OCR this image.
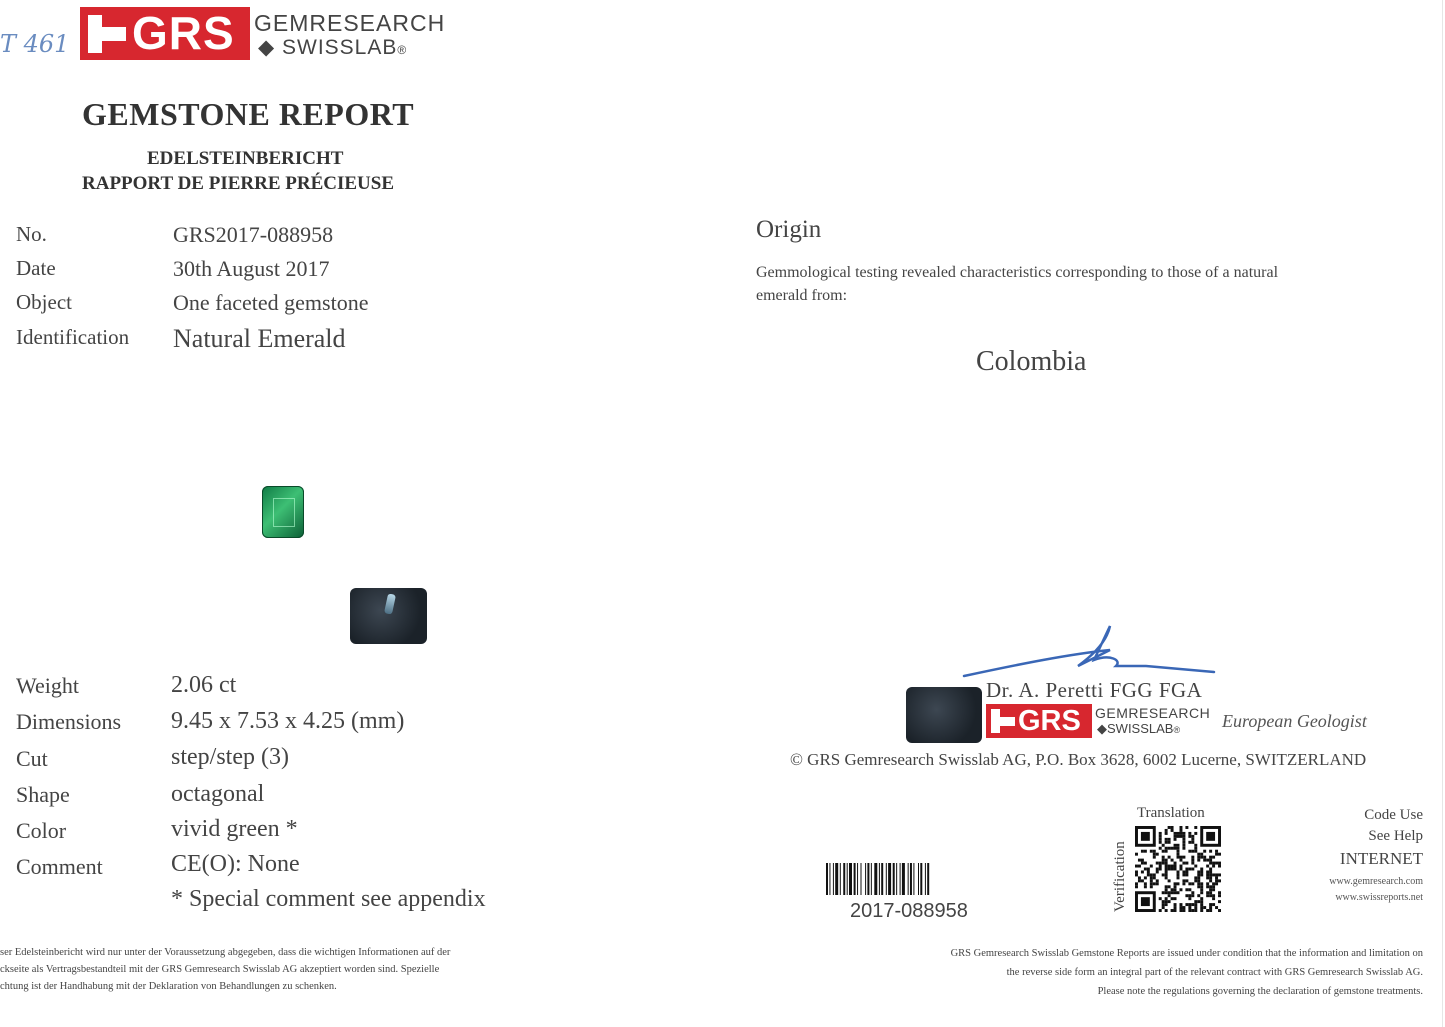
T 461 GRS GEMRESEARCH
◆ SWISSLAB®
GEMSTONE REPORT
EDELSTEINBERICHT
RAPPORT DE PIERRE PRÉCIEUSE
No.	GRS2017-088958
Date	30th August 2017
Object	One faceted gemstone
Identification Natural Emerald
Weight	2.06 ct
Dimensions 9.45 x 7.53 x 4.25 (mm)
Cut	step/step (3)
Shape	octagonal
Color	vivid green *
Comment	CE(O): None
* Special comment see appendix
ser Edelsteinbericht wird nur unter der Voraussetzung abgegeben, dass die wichtigen Informationen auf der
ckseite als Vertragsbestandteil mit der GRS Gemresearch Swisslab AG akzeptiert worden sind. Spezielle
chtung ist der Handhabung mit der Deklaration von Behandlungen zu schenken.
Origin
Gemmological testing revealed characteristics corresponding to those of a natural emerald from:
Colombia
Dr. A. Peretti FGG FGA
GRS GEMRESEARCH
◆SWISSLAB®	European Geologist
© GRS Gemresearch Swisslab AG, P.O. Box 3628, 6002 Lucerne, SWITZERLAND
2017-088958	Verification
Translation	Code Use
See Help
INTERNET
www.gemresearch.com
www.swissreports.net
GRS Gemresearch Swisslab Gemstone Reports are issued under condition that the information and limitation on
the reverse side form an integral part of the relevant contract with GRS Gemresearch Swisslab AG.
Please note the regulations governing the declaration of gemstone treatments.
